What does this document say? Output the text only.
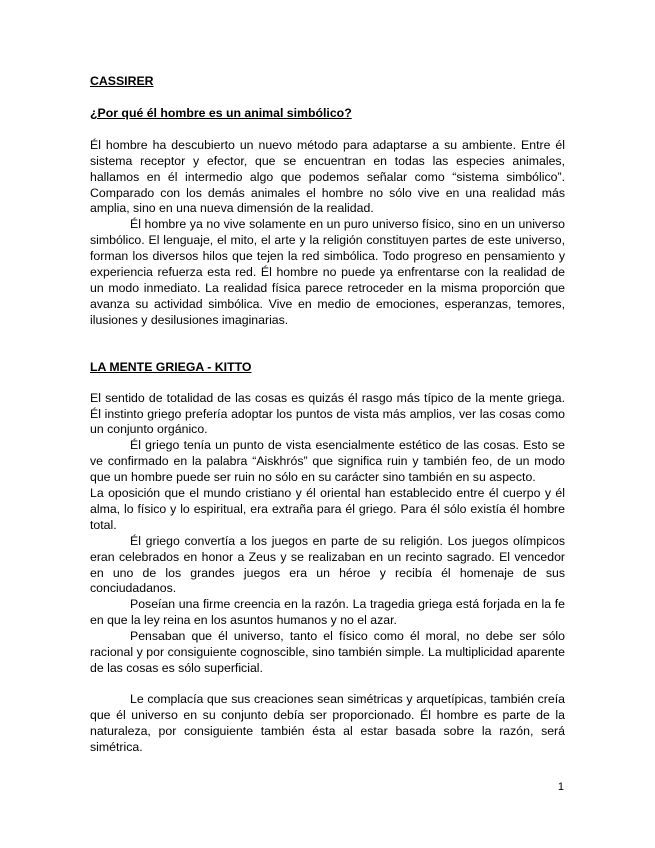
CASSIRER

¿Por qué él hombre es un animal simbólico?

Él hombre ha descubierto un nuevo método para adaptarse a su ambiente. Entre él sistema receptor y efector, que se encuentran en todas las especies animales, hallamos en él intermedio algo que podemos señalar como “sistema simbólico”. Comparado con los demás animales el hombre no sólo vive en una realidad más amplia, sino en una nueva dimensión de la realidad.

Él hombre ya no vive solamente en un puro universo físico, sino en un universo simbólico. El lenguaje, el mito, el arte y la religión constituyen partes de este universo, forman los diversos hilos que tejen la red simbólica. Todo progreso en pensamiento y experiencia refuerza esta red. Él hombre no puede ya enfrentarse con la realidad de un modo inmediato. La realidad física parece retroceder en la misma proporción que avanza su actividad simbólica. Vive en medio de emociones, esperanzas, temores, ilusiones y desilusiones imaginarias.

LA MENTE GRIEGA - KITTO

El sentido de totalidad de las cosas es quizás él rasgo más típico de la mente griega. Él instinto griego prefería adoptar los puntos de vista más amplios, ver las cosas como un conjunto orgánico.

Él griego tenía un punto de vista esencialmente estético de las cosas. Esto se ve confirmado en la palabra “Aiskhrós” que significa ruin y también feo, de un modo que un hombre puede ser ruin no sólo en su carácter sino también en su aspecto.

La oposición que el mundo cristiano y él oriental han establecido entre él cuerpo y él alma, lo físico y lo espiritual, era extraña para él griego. Para él sólo existía él hombre total.

Él griego convertía a los juegos en parte de su religión. Los juegos olímpicos eran celebrados en honor a Zeus y se realizaban en un recinto sagrado. El vencedor en uno de los grandes juegos era un héroe y recibía él homenaje de sus conciudadanos.

Poseían una firme creencia en la razón. La tragedia griega está forjada en la fe en que la ley reina en los asuntos humanos y no el azar.

Pensaban que él universo, tanto el físico como él moral, no debe ser sólo racional y por consiguiente cognoscible, sino también simple. La multiplicidad aparente de las cosas es sólo superficial.

Le complacía que sus creaciones sean simétricas y arquetípicas, también creía que él universo en su conjunto debía ser proporcionado. Él hombre es parte de la naturaleza, por consiguiente también ésta al estar basada sobre la razón, será simétrica.

1
